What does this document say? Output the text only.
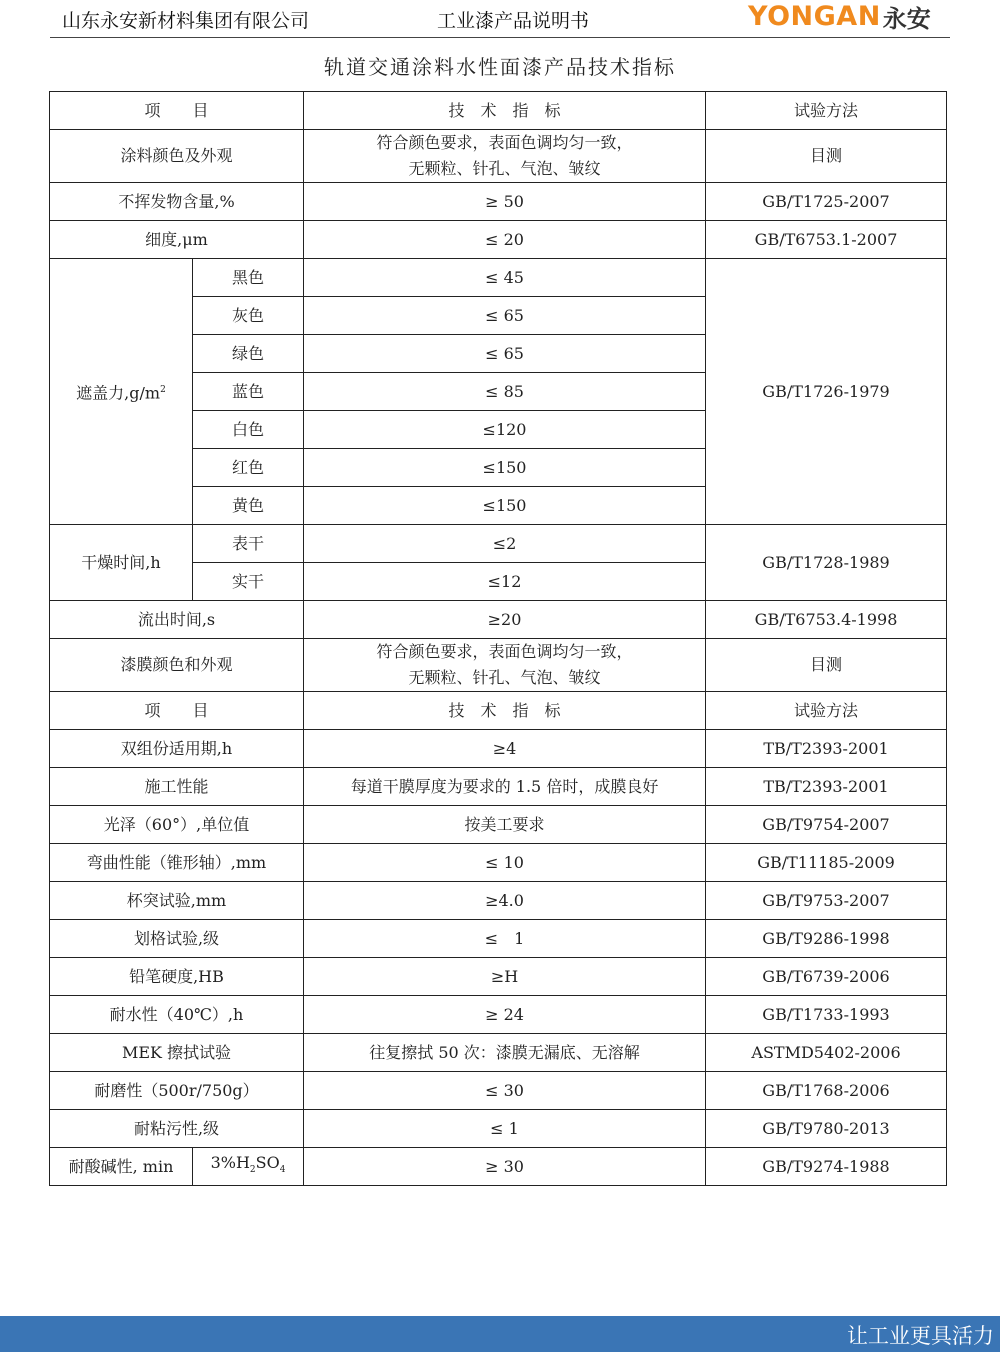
山东永安新材料集团有限公司	工业漆产品说明书	YONGAN 永安
轨道交通涂料水性面漆产品技术指标
项　　目		技　术　指　标	试验方法
涂料颜色及外观		符合颜色要求，表面色调均匀一致，
无颗粒、针孔、气泡、皱纹	目测
不挥发物含量,%		≥ 50	GB/T1725-2007
细度,μm		≤ 20	GB/T6753.1-2007
遮盖力$,g/m^2$	黑色	≤ 45	GB/T1726-1979
	灰色	≤ 65	
	绿色	≤ 65	
	蓝色	≤ 85	
	白色	≤120	
	红色	≤150	
	黄色	≤150	
干燥时间,h	表干	≤2	GB/T1728-1989
	实干	≤12	
流出时间,s		≥20	GB/T6753.4-1998
漆膜颜色和外观		符合颜色要求，表面色调均匀一致，
无颗粒、针孔、气泡、皱纹	目测
项　　目		技　术　指　标	试验方法
双组份适用期,h		≥4	TB/T2393-2001
施工性能		每道干膜厚度为要求的 1.5 倍时，成膜良好	TB/T2393-2001
光泽（60°）,单位值		按美工要求	GB/T9754-2007
弯曲性能（锥形轴）,mm		≤ 10	GB/T11185-2009
杯突试验,mm		≥4.0	GB/T9753-2007
划格试验,级		≤　1	GB/T9286-1998
铅笔硬度,HB		≥H	GB/T6739-2006
耐水性（40℃）,h		≥ 24	GB/T1733-1993
MEK 擦拭试验		往复擦拭 50 次：漆膜无漏底、无溶解	ASTMD5402-2006
耐磨性（500r/750g）		≤ 30	GB/T1768-2006
耐粘污性,级		≤ 1	GB/T9780-2013
耐酸碱性, min	$3\%H_2SO_4$	≥ 30	GB/T9274-1988
让工业更具活力
